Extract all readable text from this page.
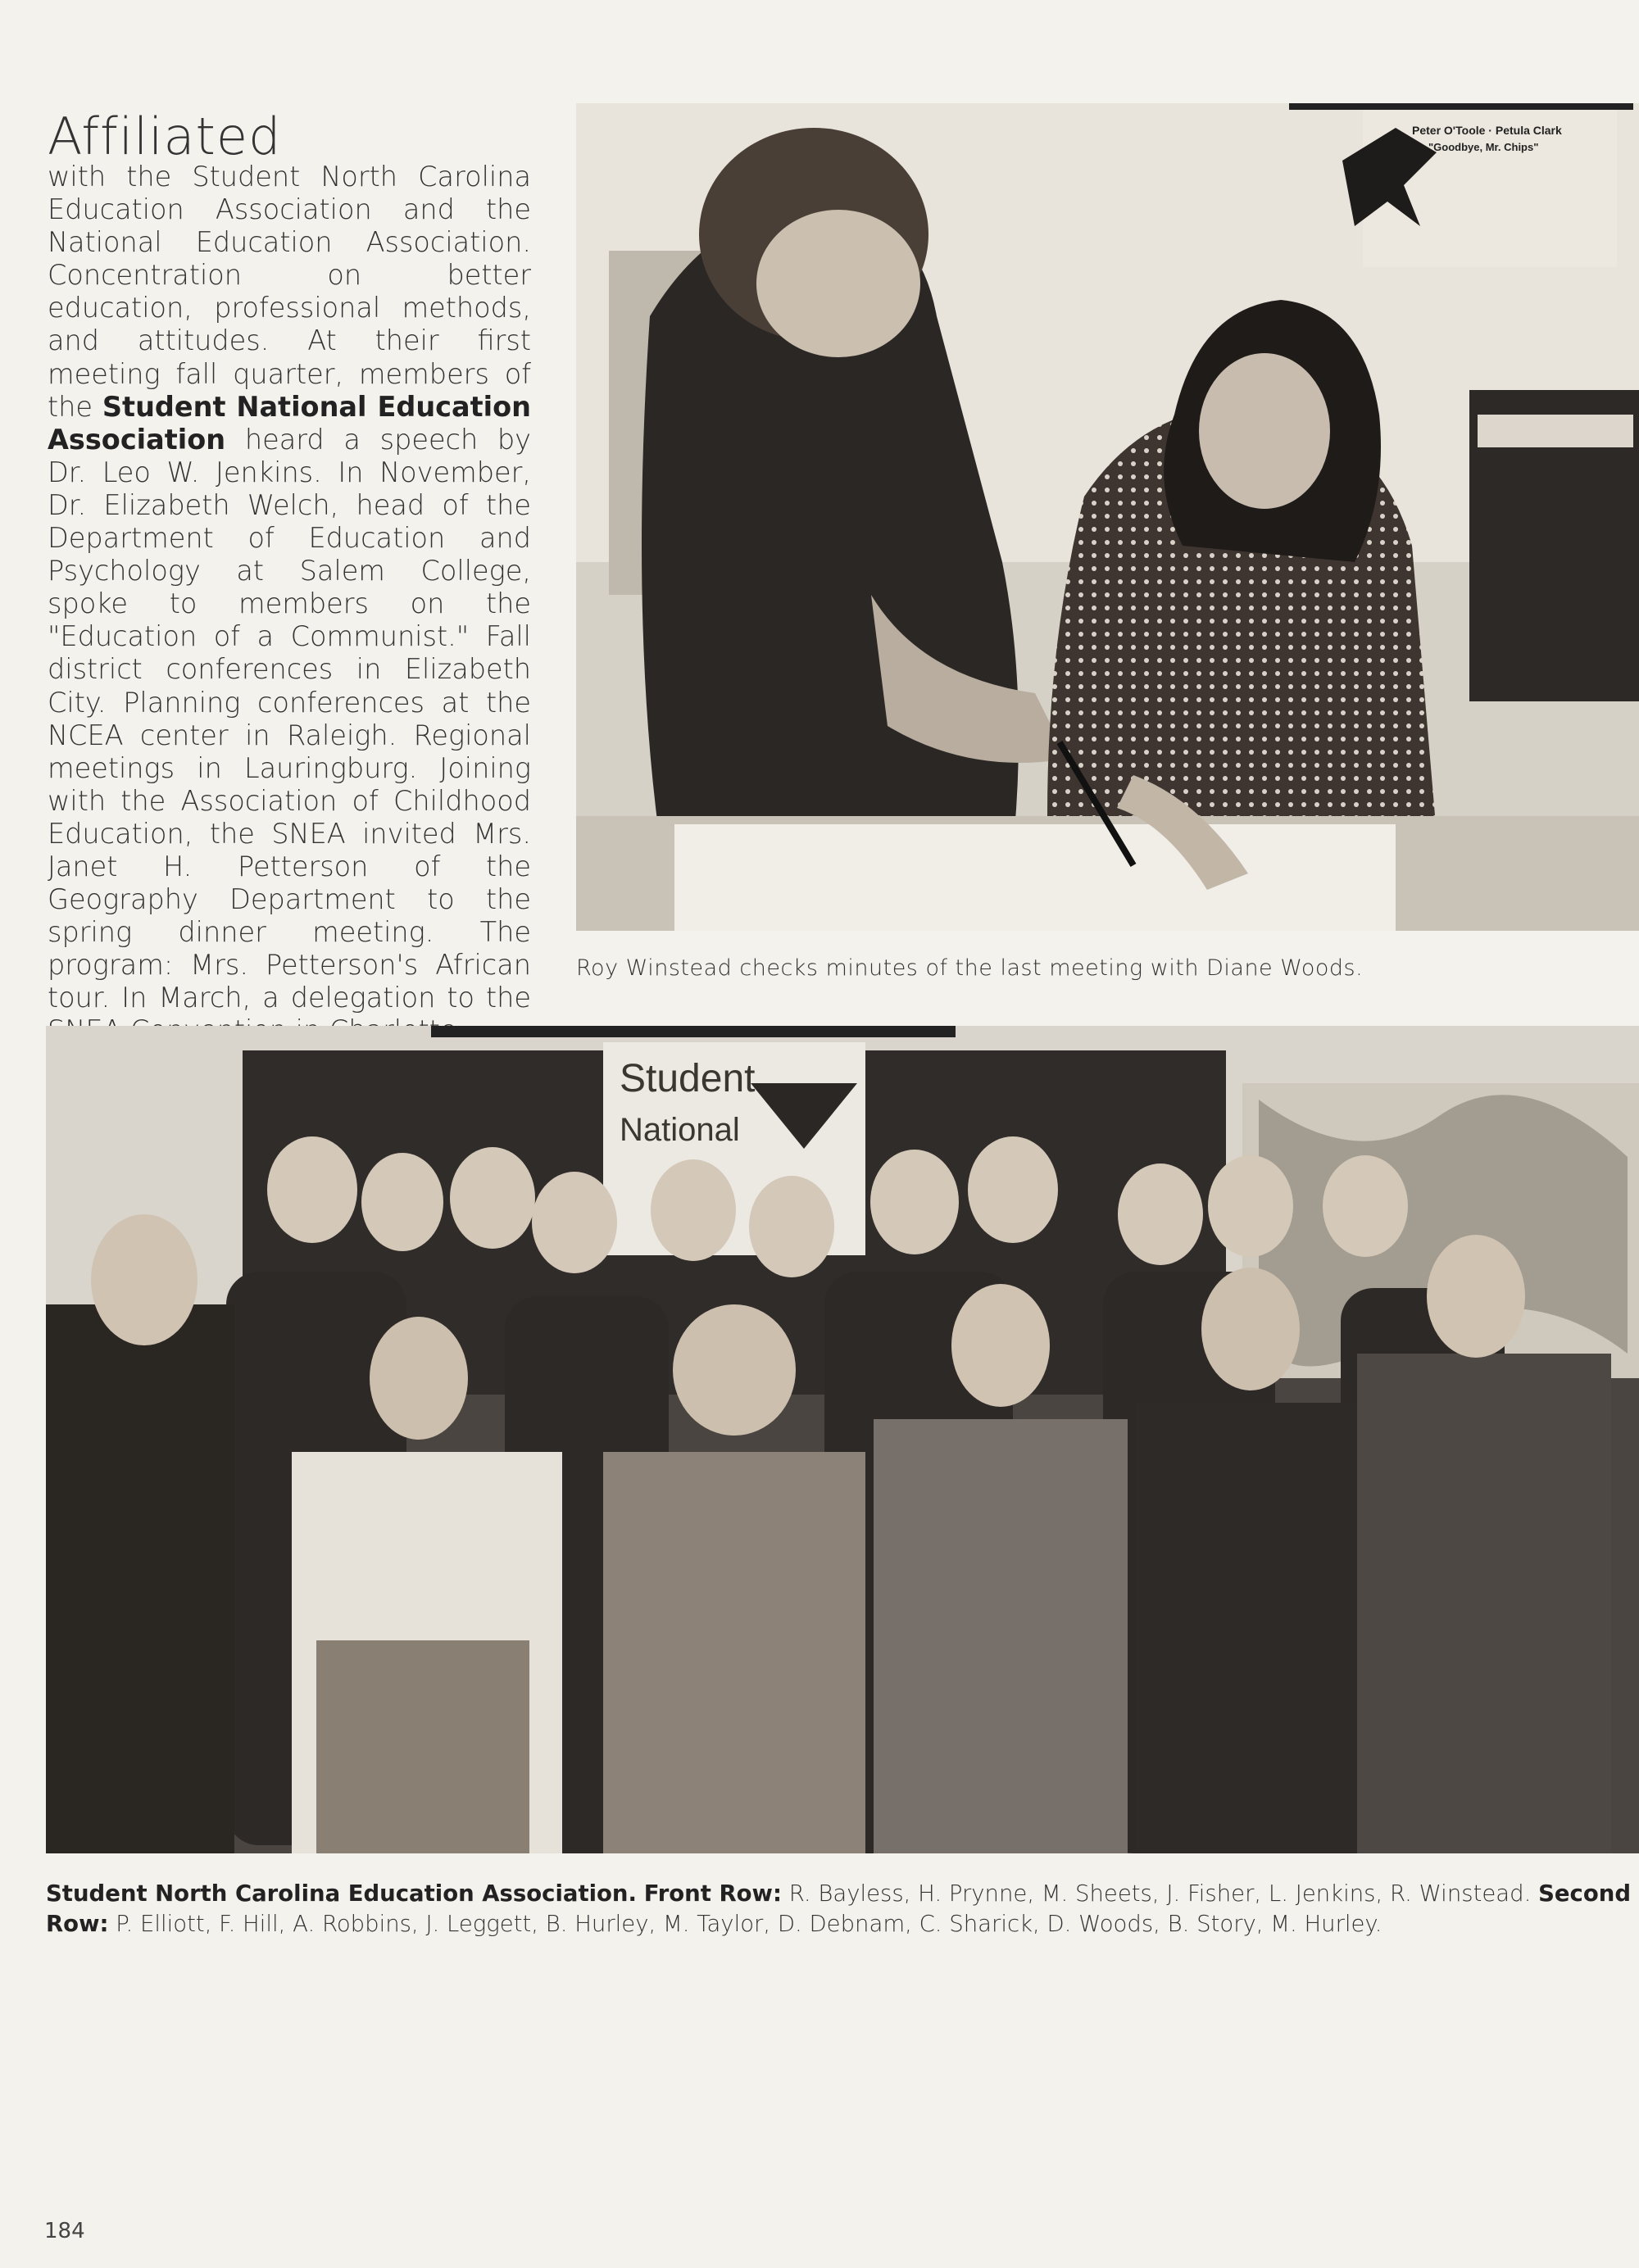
Affiliated
with the Student North Carolina Education Association and the National Education Association. Concentration on better education, professional methods, and attitudes. At their first meeting fall quarter, members of the Student National Education Association heard a speech by Dr. Leo W. Jenkins. In November, Dr. Elizabeth Welch, head of the Department of Education and Psychology at Salem College, spoke to members on the "Education of a Communist." Fall district conferences in Elizabeth City. Planning conferences at the NCEA center in Raleigh. Regional meetings in Lauringburg. Joining with the Association of Childhood Education, the SNEA invited Mrs. Janet H. Petterson of the Geography Department to the spring dinner meeting. The program: Mrs. Petterson's African tour. In March, a delegation to the
Peter O'Toole · Petula Clark
"Goodbye, Mr. Chips"
Roy Winstead checks minutes of the last meeting with Diane Woods.
Student
National
Student North Carolina Education Association. Front Row: R. Bayless, H. Prynne, M. Sheets, J. Fisher, L. Jenkins, R. Winstead. Second Row: P. Elliott, F. Hill, A. Robbins, J. Leggett, B. Hurley, M. Taylor, D. Debnam, C. Sharick, D. Woods, B. Story, M. Hurley.
184
